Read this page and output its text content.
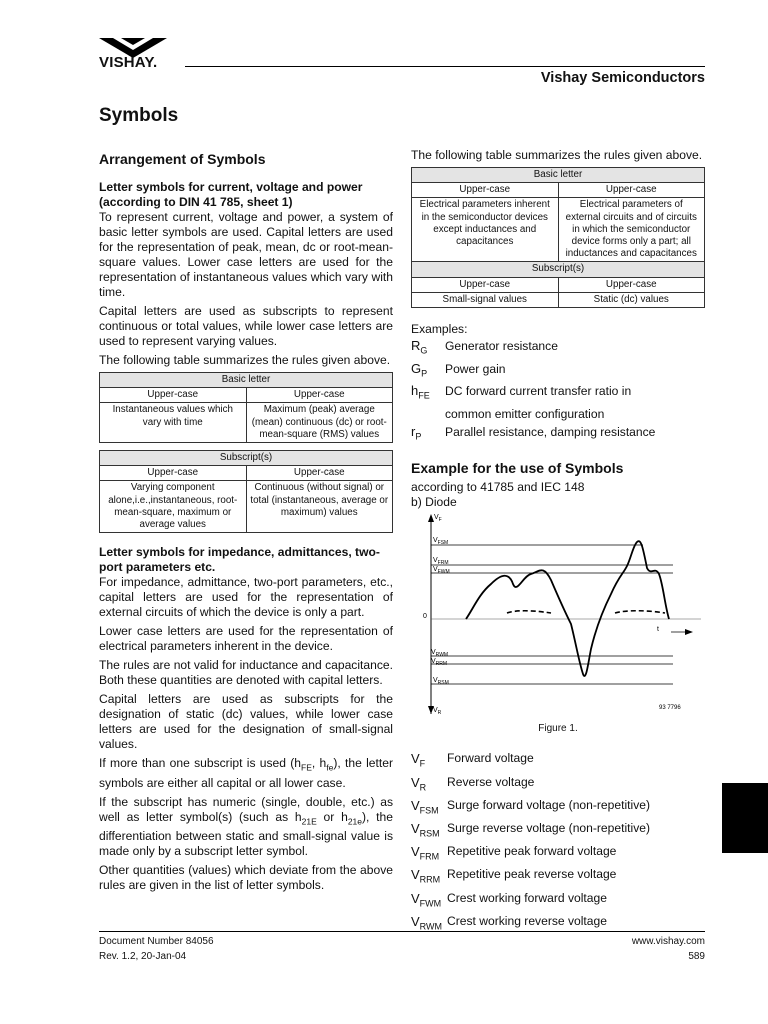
VISHAY.
Vishay Semiconductors
Symbols
Arrangement of Symbols
Letter symbols for current, voltage and power (according to DIN 41 785, sheet 1)

To represent current, voltage and power, a system of basic letter symbols are used. Capital letters are used for the representation of peak, mean, dc or root-mean-square values. Lower case letters are used for the representation of instantaneous values which vary with time.

Capital letters are used as subscripts to represent continuous or total values, while lower case letters are used to represent varying values.

The following table summarizes the rules given above.

Basic letter	
Upper-case	Upper-case
Instantaneous values which vary with time	Maximum (peak) average (mean) continuous (dc) or root-mean-square (RMS) values
Subscript(s)	
Upper-case	Upper-case
Varying component alone,i.e.,instantaneous, root-mean-square, maximum or average values	Continuous (without signal) or total (instantaneous, average or maximum) values
Letter symbols for impedance, admittances, two-port parameters etc.

For impedance, admittance, two-port parameters, etc., capital letters are used for the representation of external circuits of which the device is only a part.

Lower case letters are used for the representation of electrical parameters inherent in the device.

The rules are not valid for inductance and capacitance. Both these quantities are denoted with capital letters.

Capital letters are used as subscripts for the designation of static (dc) values, while lower case letters are used for the designation of small-signal values.

If more than one subscript is used ($h_{FE}$, $h_{fe}$), the letter symbols are either all capital or all lower case.

If the subscript has numeric (single, double, etc.) as well as letter symbol(s) (such as $h_{21E}$ or $h_{21e}$), the differentiation between static and small-signal value is made only by a subscript letter symbol.

Other quantities (values) which deviate from the above rules are given in the list of letter symbols.

The following table summarizes the rules given above.

Basic letter	
Upper-case	Upper-case
Electrical parameters inherent in the semiconductor devices except inductances and capacitances	Electrical parameters of external circuits and of circuits in which the semiconductor device forms only a part; all inductances and capacitances
Subscript(s)	
Upper-case	Upper-case
Small-signal values	Static (dc) values
Examples:
$R_G$	Generator resistance
$G_P$	Power gain
$h_{FE}$	DC forward current transfer ratio in
common emitter configuration
$r_P$	Parallel resistance, damping resistance
Example for the use of Symbols
according to 41785 and IEC 148
b) Diode
$V_F$
$V_{FSM}$
$V_{FRM}$
$V_{FWM}$
0
t
$V_{RWM}$
$V_{RRM}$
$V_{RSM}$
$V_R$
93 7796
Figure 1.
$V_F$	Forward voltage
$V_R$	Reverse voltage
$V_{FSM}$ Surge forward voltage (non-repetitive)
$V_{RSM}$ Surge reverse voltage (non-repetitive)
$V_{FRM}$ Repetitive peak forward voltage
$V_{RRM}$ Repetitive peak reverse voltage
$V_{FWM}$ Crest working forward voltage
$V_{RWM}$ Crest working reverse voltage
Document Number 84056
Rev. 1.2, 20-Jan-04
www.vishay.com
589
